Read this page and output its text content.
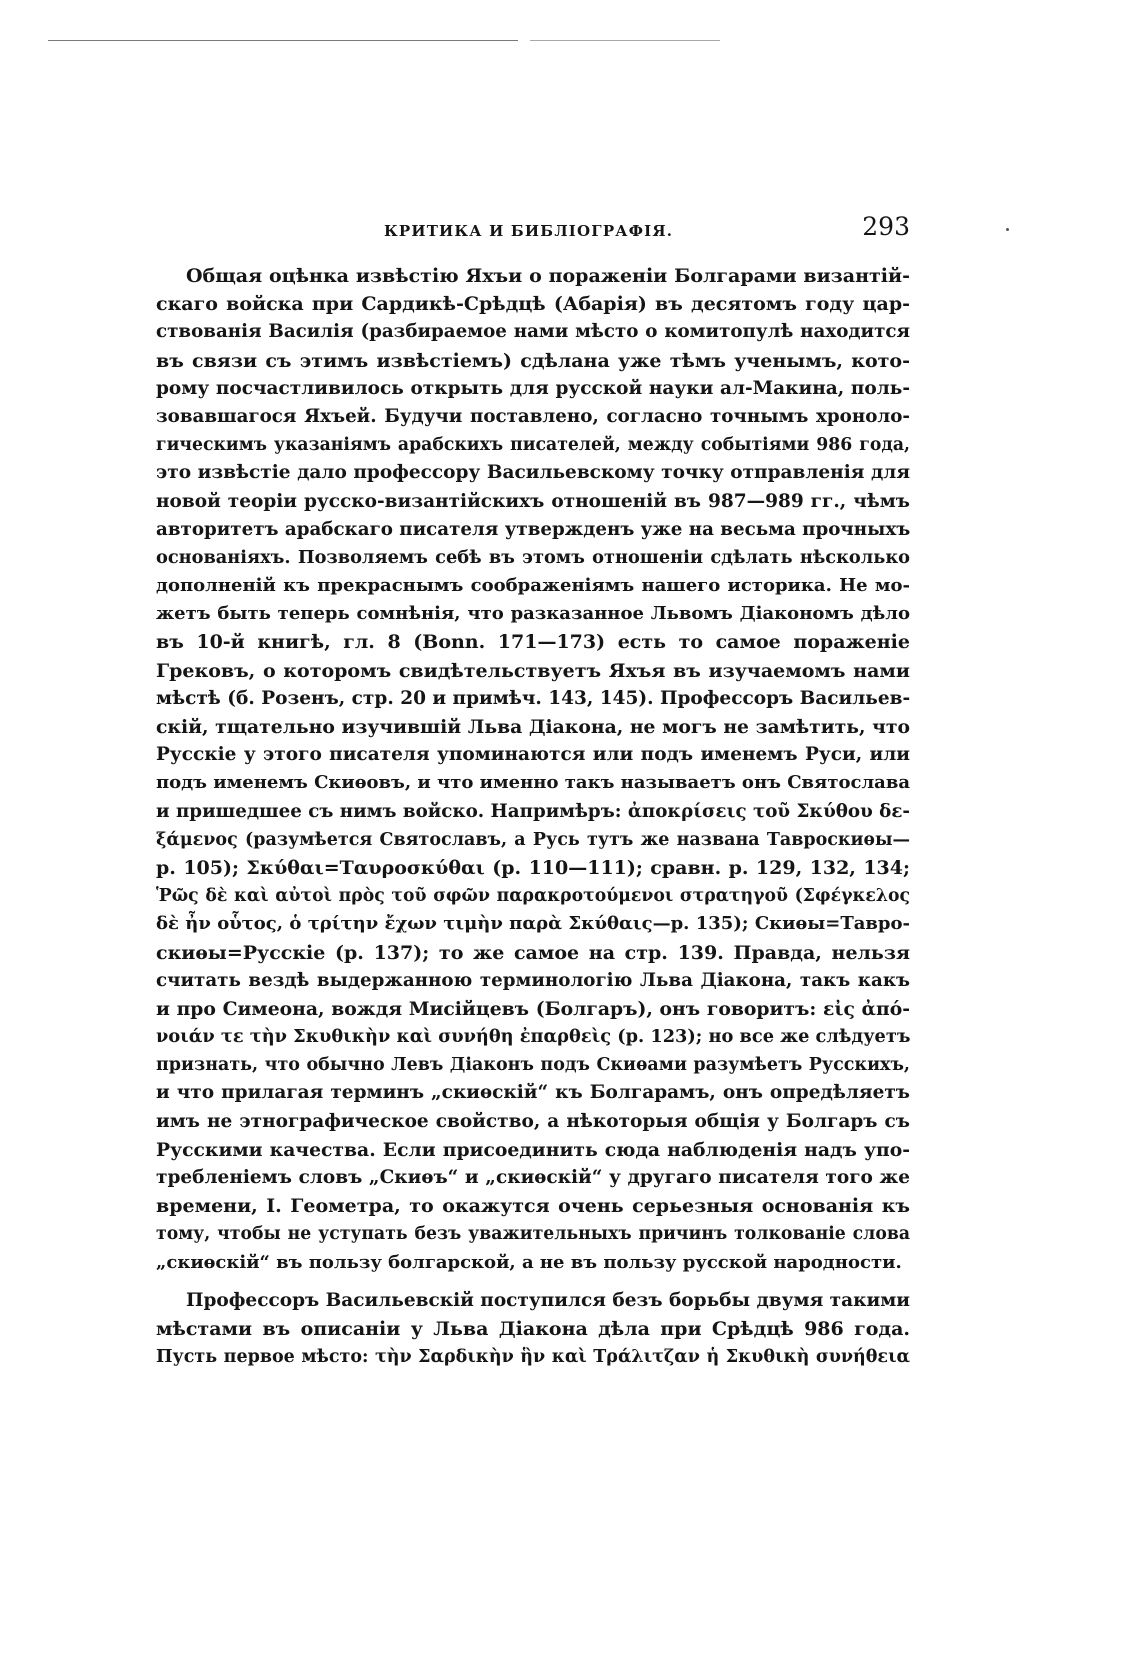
КРИТИКА И БИБЛІОГРАФІЯ.	293
Общая оцѣнка извѣстію Яхъи о пораженіи Болгарами византій-
скаго войска при Сардикѣ-Срѣдцѣ (Абарія) въ десятомъ году цар-
ствованія Василія (разбираемое нами мѣсто о комитопулѣ находится
въ связи съ этимъ извѣстіемъ) сдѣлана уже тѣмъ ученымъ, кото-
рому посчастливилось открыть для русской науки ал-Макина, поль-
зовавшагося Яхъей. Будучи поставлено, согласно точнымъ хроноло-
гическимъ указаніямъ арабскихъ писателей, между событіями 986 года,
это извѣстіе дало профессору Васильевскому точку отправленія для
новой теоріи русско-византійскихъ отношеній въ 987—989 гг., чѣмъ
авторитетъ арабскаго писателя утвержденъ уже на весьма прочныхъ
основаніяхъ. Позволяемъ себѣ въ этомъ отношеніи сдѣлать нѣсколько
дополненій къ прекраснымъ соображеніямъ нашего историка. Не мо-
жетъ быть теперь сомнѣнія, что разказанное Львомъ Діакономъ дѣло
въ 10-й книгѣ, гл. 8 (Bonn. 171—173) есть то самое пораженіе
Грековъ, о которомъ свидѣтельствуетъ Яхъя въ изучаемомъ нами
мѣстѣ (б. Розенъ, стр. 20 и примѣч. 143, 145). Профессоръ Васильев-
скій, тщательно изучившій Льва Діакона, не могъ не замѣтить, что
Русскіе у этого писателя упоминаются или подъ именемъ Руси, или
подъ именемъ Скиѳовъ, и что именно такъ называетъ онъ Святослава
и пришедшее съ нимъ войско. Напримѣръ: ἀποκρίσεις τοῦ Σκύθου δε-
ξάμενος (разумѣется Святославъ, а Русь тутъ же названа Тавроскиѳы—
p. 105); Σκύθαι=Ταυροσκύθαι (p. 110—111); сравн. p. 129, 132, 134;
Ῥῶς δὲ καὶ αὐτοὶ πρὸς τοῦ σφῶν παρακροτούμενοι στρατηγοῦ (Σφέγκελος
δὲ ἦν οὗτος, ὁ τρίτην ἔχων τιμὴν παρὰ Σκύθαις—p. 135); Скиѳы=Тавро-
скиѳы=Русскіе (p. 137); то же самое на стр. 139. Правда, нельзя
считать вездѣ выдержанною терминологію Льва Діакона, такъ какъ
и про Симеона, вождя Мисійцевъ (Болгаръ), онъ говоритъ: εἰς ἀπό-
νοιάν τε τὴν Σκυθικὴν καὶ συνήθη ἐπαρθεὶς (p. 123); но все же слѣдуетъ
признать, что обычно Левъ Діаконъ подъ Скиѳами разумѣетъ Русскихъ,
и что прилагая терминъ „скиѳскій“ къ Болгарамъ, онъ опредѣляетъ
имъ не этнографическое свойство, а нѣкоторыя общія у Болгаръ съ
Русскими качества. Если присоединить сюда наблюденія надъ упо-
требленіемъ словъ „Скиѳъ“ и „скиѳскій“ у другаго писателя того же
времени, І. Геометра, то окажутся очень серьезныя основанія къ
тому, чтобы не уступать безъ уважительныхъ причинъ толкованіе слова
„скиѳскій“ въ пользу болгарской, а не въ пользу русской народности.
Профессоръ Васильевскій поступился безъ борьбы двумя такими
мѣстами въ описаніи у Льва Діакона дѣла при Срѣдцѣ 986 года.
Пусть первое мѣсто: τὴν Σαρδικὴν ἣν καὶ Τράλιτζαν ἡ Σκυθικὴ συνήθεια
